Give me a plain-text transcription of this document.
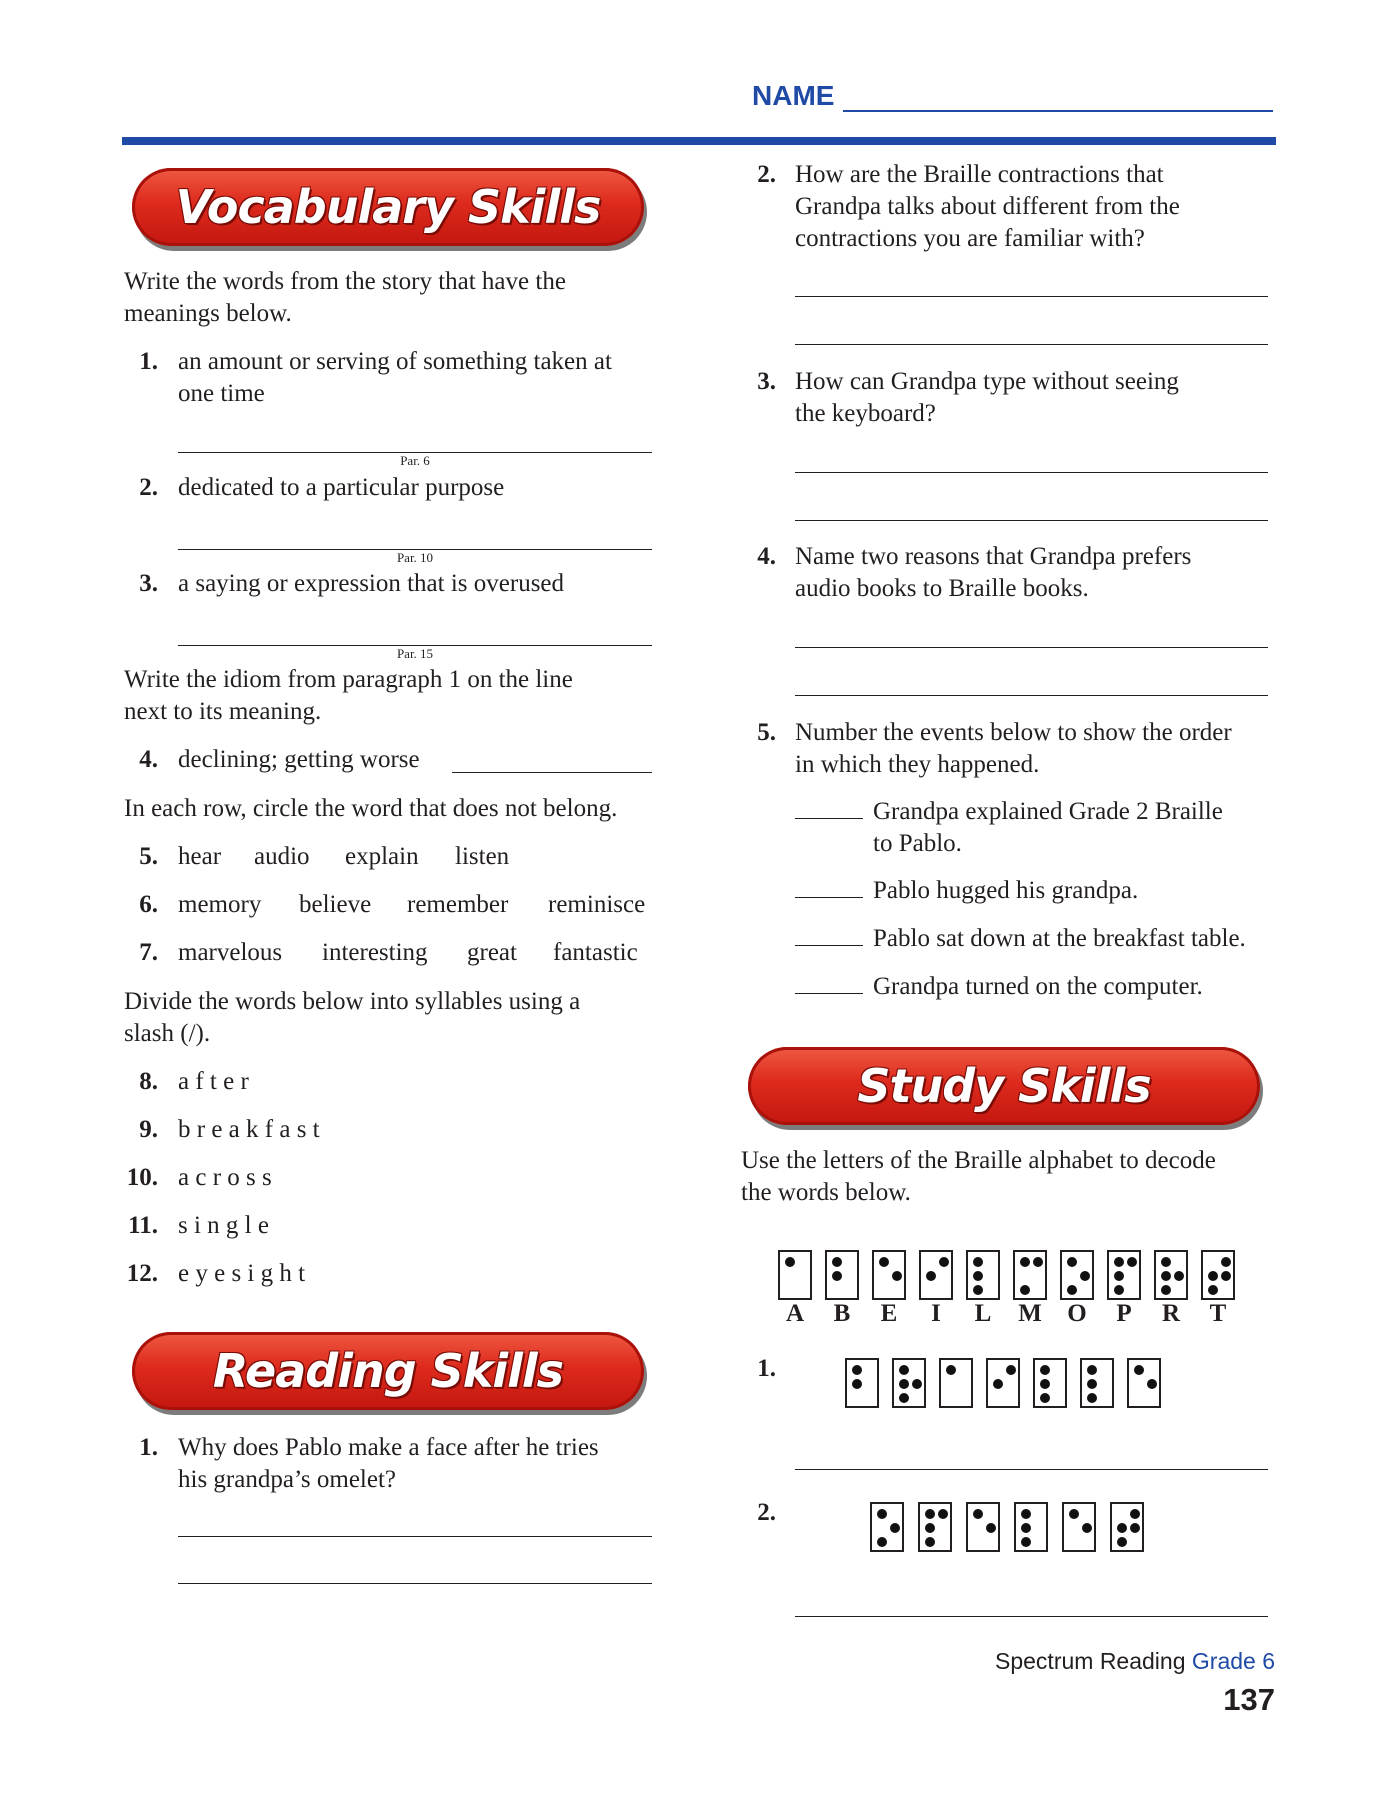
NAME
Vocabulary Skills
Write the words from the story that have the
meanings below.
1. an amount or serving of something taken at
one time
Par. 6
2. dedicated to a particular purpose
Par. 10
3. a saying or expression that is overused
Par. 15
Write the idiom from paragraph 1 on the line
next to its meaning.
4. declining; getting worse
In each row, circle the word that does not belong.
5. hear audio explain listen
6. memory believe remember reminisce
7. marvelous interesting great fantastic
Divide the words below into syllables using a
slash (/).
8. a f t e r
9. b r e a k f a s t
10. a c r o s s
11. s i n g l e
12. e y e s i g h t
Reading Skills
1. Why does Pablo make a face after he tries
his grandpa’s omelet?
2. How are the Braille contractions that
Grandpa talks about different from the
contractions you are familiar with?
3. How can Grandpa type without seeing
the keyboard?
4. Name two reasons that Grandpa prefers
audio books to Braille books.
5. Number the events below to show the order
in which they happened.
Grandpa explained Grade 2 Braille
to Pablo.
Pablo hugged his grandpa.
Pablo sat down at the breakfast table.
Grandpa turned on the computer.
Study Skills
Use the letters of the Braille alphabet to decode
the words below.
A	B	E	I	L	M O	P	R	T
1.
2.
Spectrum Reading Grade 6
137
